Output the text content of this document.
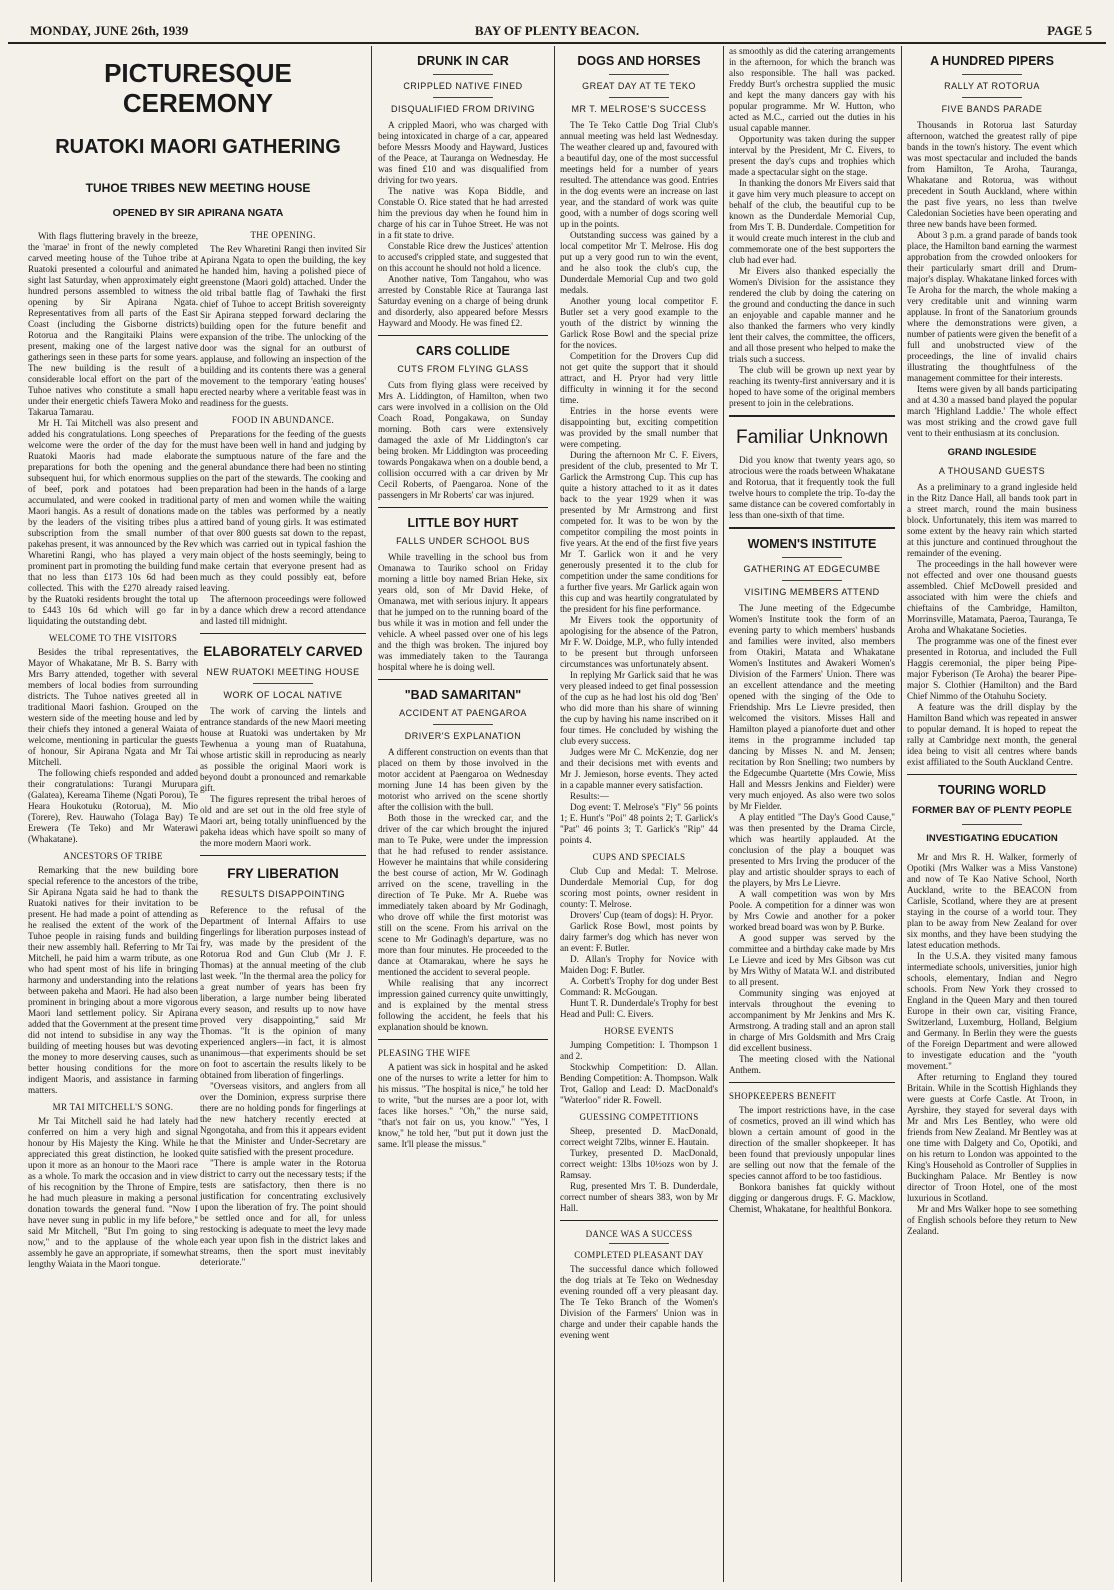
MONDAY, JUNE 26th, 1939	BAY OF PLENTY BEACON.	PAGE 5
PICTURESQUE CEREMONY
RUATOKI MAORI GATHERING
TUHOE TRIBES NEW MEETING HOUSE
OPENED BY SIR APIRANA NGATA

With flags fluttering bravely in the breeze, the 'marae' in front of the newly completed carved meeting house of the Tuhoe tribe at Ruatoki presented a colourful and animated sight last Saturday, when approximately eight hundred persons assembled to witness the opening by Sir Apirana Ngata. Representatives from all parts of the East Coast (including the Gisborne districts) Rotorua and the Rangitaiki Plains were present, making one of the largest native gatherings seen in these parts for some years. The new building is the result of a considerable local effort on the part of the Tuhoe natives who constitute a small hapu under their energetic chiefs Tawera Moko and Takarua Tamarau.

Mr H. Tai Mitchell was also present and added his congratulations. Long speeches of welcome were the order of the day for the Ruatoki Maoris had made elaborate preparations for both the opening and the subsequent hui, for which enormous supplies of beef, pork and potatoes had been accumulated, and were cooked in traditional Maori hangis. As a result of donations made by the leaders of the visiting tribes plus a subscription from the small number of pakehas present, it was announced by the Rev Wharetini Rangi, who has played a very prominent part in promoting the building fund that no less than £173 10s 6d had been collected. This with the £270 already raised by the Ruatoki residents brought the total up to £443 10s 6d which will go far in liquidating the outstanding debt.

WELCOME TO THE VISITORS

Besides the tribal representatives, the Mayor of Whakatane, Mr B. S. Barry with Mrs Barry attended, together with several members of local bodies from surrounding districts. The Tuhoe natives greeted all in traditional Maori fashion. Grouped on the western side of the meeting house and led by their chiefs they intoned a general Waiata of welcome, mentioning in particular the guests of honour, Sir Apirana Ngata and Mr Tai Mitchell.

The following chiefs responded and added their congratulations: Turangi Murupara (Galatea), Kereama Tiheme (Ngati Porou), Te Heara Houkotuku (Rotorua), M. Mio (Torere), Rev. Hauwaho (Tolaga Bay) Te Erewera (Te Teko) and Mr Waterawi (Whakatane).

ANCESTORS OF TRIBE

Remarking that the new building bore special reference to the ancestors of the tribe, Sir Apirana Ngata said he had to thank the Ruatoki natives for their invitation to be present. He had made a point of attending as he realised the extent of the work of the Tuhoe people in raising funds and building their new assembly hall. Referring to Mr Tai Mitchell, he paid him a warm tribute, as one who had spent most of his life in bringing harmony and understanding into the relations between pakeha and Maori. He had also been prominent in bringing about a more vigorous Maori land settlement policy. Sir Apirana added that the Government at the present time did not intend to subsidise in any way the building of meeting houses but was devoting the money to more deserving causes, such as better housing conditions for the more indigent Maoris, and assistance in farming matters.

MR TAI MITCHELL'S SONG.

Mr Tai Mitchell said he had lately had conferred on him a very high and signal honour by His Majesty the King. While he appreciated this great distinction, he looked upon it more as an honour to the Maori race as a whole. To mark the occasion and in view of his recognition by the Throne of Empire, he had much pleasure in making a personal donation towards the general fund. "Now I have never sung in public in my life before," said Mr Mitchell, "But I'm going to sing now," and to the applause of the whole assembly he gave an appropriate, if somewhat lengthy Waiata in the Maori tongue.

THE OPENING.

The Rev Wharetini Rangi then invited Sir Apirana Ngata to open the building, the key he handed him, having a polished piece of greenstone (Maori gold) attached. Under the old tribal battle flag of Tawhaki the first chief of Tuhoe to accept British sovereignty Sir Apirana stepped forward declaring the building open for the future benefit and expansion of the tribe. The unlocking of the door was the signal for an outburst of applause, and following an inspection of the building and its contents there was a general movement to the temporary 'eating houses' erected nearby where a veritable feast was in readiness for the guests.

FOOD IN ABUNDANCE.

Preparations for the feeding of the guests must have been well in hand and judging by the sumptuous nature of the fare and the general abundance there had been no stinting on the part of the stewards. The cooking and preparation had been in the hands of a large party of men and women while the waiting on the tables was performed by a neatly attired band of young girls. It was estimated that over 800 guests sat down to the repast, which was carried out in typical fashion the main object of the hosts seemingly, being to make certain that everyone present had as much as they could possibly eat, before leaving.

The afternoon proceedings were followed by a dance which drew a record attendance and lasted till midnight.

ELABORATELY CARVED
NEW RUATOKI MEETING HOUSE
WORK OF LOCAL NATIVE

The work of carving the lintels and entrance standards of the new Maori meeting house at Ruatoki was undertaken by Mr Tewhenua a young man of Ruatahuna, whose artistic skill in reproducing as nearly as possible the original Maori work is beyond doubt a pronounced and remarkable gift.

The figures represent the tribal heroes of old and are set out in the old free style of Maori art, being totally uninfluenced by the pakeha ideas which have spoilt so many of the more modern Maori work.

FRY LIBERATION
RESULTS DISAPPOINTING

Reference to the refusal of the Department of Internal Affairs to use fingerlings for liberation purposes instead of fry, was made by the president of the Rotorua Rod and Gun Club (Mr J. F. Thomas) at the annual meeting of the club last week. "In the thermal area the policy for a great number of years has been fry liberation, a large number being liberated every season, and results up to now have proved very disappointing," said Mr Thomas. "It is the opinion of many experienced anglers—in fact, it is almost unanimous—that experiments should be set on foot to ascertain the results likely to be obtained from liberation of fingerlings.

"Overseas visitors, and anglers from all over the Dominion, express surprise there there are no holding ponds for fingerlings at the new hatchery recently erected at Ngongotaha, and from this it appears evident that the Minister and Under-Secretary are quite satisfied with the present procedure.

"There is ample water in the Rotorua district to carry out the necessary tests; if the tests are satisfactory, then there is no justification for concentrating exclusively upon the liberation of fry. The point should be settled once and for all, for unless restocking is adequate to meet the levy made each year upon fish in the district lakes and streams, then the sport must inevitably deteriorate."

DRUNK IN CAR
CRIPPLED NATIVE FINED
DISQUALIFIED FROM DRIVING

A crippled Maori, who was charged with being intoxicated in charge of a car, appeared before Messrs Moody and Hayward, Justices of the Peace, at Tauranga on Wednesday. He was fined £10 and was disqualified from driving for two years.

The native was Kopa Biddle, and Constable O. Rice stated that he had arrested him the previous day when he found him in charge of his car in Tuhoe Street. He was not in a fit state to drive.

Constable Rice drew the Justices' attention to accused's crippled state, and suggested that on this account he should not hold a licence.

Another native, Tom Tangahou, who was arrested by Constable Rice at Tauranga last Saturday evening on a charge of being drunk and disorderly, also appeared before Messrs Hayward and Moody. He was fined £2.

CARS COLLIDE
CUTS FROM FLYING GLASS

Cuts from flying glass were received by Mrs A. Liddington, of Hamilton, when two cars were involved in a collision on the Old Coach Road, Pongakawa, on Sunday morning. Both cars were extensively damaged the axle of Mr Liddington's car being broken. Mr Liddington was proceeding towards Pongakawa when on a double bend, a collision occurred with a car driven by Mr Cecil Roberts, of Paengaroa. None of the passengers in Mr Roberts' car was injured.

LITTLE BOY HURT
FALLS UNDER SCHOOL BUS

While travelling in the school bus from Omanawa to Tauriko school on Friday morning a little boy named Brian Heke, six years old, son of Mr David Heke, of Omanawa, met with serious injury. It appears that he jumped on to the running board of the bus while it was in motion and fell under the vehicle. A wheel passed over one of his legs and the thigh was broken. The injured boy was immediately taken to the Tauranga hospital where he is doing well.

"BAD SAMARITAN"
ACCIDENT AT PAENGAROA
DRIVER'S EXPLANATION

A different construction on events than that placed on them by those involved in the motor accident at Paengaroa on Wednesday morning June 14 has been given by the motorist who arrived on the scene shortly after the collision with the bull.

Both those in the wrecked car, and the driver of the car which brought the injured man to Te Puke, were under the impression that he had refused to render assistance. However he maintains that while considering the best course of action, Mr W. Godinagh arrived on the scene, travelling in the direction of Te Puke. Mr A. Ruebe was immediately taken aboard by Mr Godinagh, who drove off while the first motorist was still on the scene. From his arrival on the scene to Mr Godinagh's departure, was no more than four minutes. He proceeded to the dance at Otamarakau, where he says he mentioned the accident to several people.

While realising that any incorrect impression gained currency quite unwittingly, and is explained by the mental stress following the accident, he feels that his explanation should be known.

PLEASING THE WIFE

A patient was sick in hospital and he asked one of the nurses to write a letter for him to his missus. "The hospital is nice," he told her to write, "but the nurses are a poor lot, with faces like horses." "Oh," the nurse said, "that's not fair on us, you know." "Yes, I know," he told her, "but put it down just the same. It'll please the missus."

DOGS AND HORSES
GREAT DAY AT TE TEKO
MR T. MELROSE'S SUCCESS

The Te Teko Cattle Dog Trial Club's annual meeting was held last Wednesday. The weather cleared up and, favoured with a beautiful day, one of the most successful meetings held for a number of years resulted. The attendance was good. Entries in the dog events were an increase on last year, and the standard of work was quite good, with a number of dogs scoring well up in the points.

Outstanding success was gained by a local competitor Mr T. Melrose. His dog put up a very good run to win the event, and he also took the club's cup, the Dunderdale Memorial Cup and two gold medals.

Another young local competitor F. Butler set a very good example to the youth of the district by winning the Garlick Rose Bowl and the special prize for the novices.

Competition for the Drovers Cup did not get quite the support that it should attract, and H. Pryor had very little difficulty in winning it for the second time.

Entries in the horse events were disappointing but, exciting competition was provided by the small number that were competing.

During the afternoon Mr C. F. Eivers, president of the club, presented to Mr T. Garlick the Armstrong Cup. This cup has quite a history attached to it as it dates back to the year 1929 when it was presented by Mr Armstrong and first competed for. It was to be won by the competitor compiling the most points in five years. At the end of the first five years Mr T. Garlick won it and he very generously presented it to the club for competition under the same conditions for a further five years. Mr Garlick again won this cup and was heartily congratulated by the president for his fine performance.

Mr Eivers took the opportunity of apologising for the absence of the Patron, Mr F. W. Doidge, M.P., who fully intended to be present but through unforseen circumstances was unfortunately absent.

In replying Mr Garlick said that he was very pleased indeed to get final possession of the cup as he had lost his old dog 'Ben' who did more than his share of winning the cup by having his name inscribed on it four times. He concluded by wishing the club every success.

Judges were Mr C. McKenzie, dog ner and their decisions met with events and Mr J. Jemieson, horse events. They acted in a capable manner every satisfaction.

Results:—

Dog event: T. Melrose's "Fly" 56 points 1; E. Hunt's "Poi" 48 points 2; T. Garlick's "Pat" 46 points 3; T. Garlick's "Rip" 44 points 4.

CUPS AND SPECIALS

Club Cup and Medal: T. Melrose. Dunderdale Memorial Cup, for dog scoring most points, owner resident in county: T. Melrose.

Drovers' Cup (team of dogs): H. Pryor.

Garlick Rose Bowl, most points by dairy farmer's dog which has never won an event: F. Butler.

D. Allan's Trophy for Novice with Maiden Dog: F. Butler.

A. Corbett's Trophy for dog under Best Command: R. McGougan.

Hunt T. R. Dunderdale's Trophy for best Head and Pull: C. Eivers.

HORSE EVENTS

Jumping Competition: I. Thompson 1 and 2.

Stockwhip Competition: D. Allan. Bending Competition: A. Thompson. Walk Trot, Gallop and Lead: D. MacDonald's "Waterloo" rider R. Fowell.

GUESSING COMPETITIONS

Sheep, presented D. MacDonald, correct weight 72lbs, winner E. Hautain.

Turkey, presented D. MacDonald, correct weight: 13lbs 10½ozs won by J. Ramsay.

Rug, presented Mrs T. B. Dunderdale, correct number of shears 383, won by Mr Hall.

DANCE WAS A SUCCESS
COMPLETED PLEASANT DAY

The successful dance which followed the dog trials at Te Teko on Wednesday evening rounded off a very pleasant day. The Te Teko Branch of the Women's Division of the Farmers' Union was in charge and under their capable hands the evening went

as smoothly as did the catering arrangements in the afternoon, for which the branch was also responsible. The hall was packed. Freddy Burt's orchestra supplied the music and kept the many dancers gay with his popular programme. Mr W. Hutton, who acted as M.C., carried out the duties in his usual capable manner.

Opportunity was taken during the supper interval by the President, Mr C. Eivers, to present the day's cups and trophies which made a spectacular sight on the stage.

In thanking the donors Mr Eivers said that it gave him very much pleasure to accept on behalf of the club, the beautiful cup to be known as the Dunderdale Memorial Cup, from Mrs T. B. Dunderdale. Competition for it would create much interest in the club and commemorate one of the best supporters the club had ever had.

Mr Eivers also thanked especially the Women's Division for the assistance they rendered the club by doing the catering on the ground and conducting the dance in such an enjoyable and capable manner and he also thanked the farmers who very kindly lent their calves, the committee, the officers, and all those present who helped to make the trials such a success.

The club will be grown up next year by reaching its twenty-first anniversary and it is hoped to have some of the original members present to join in the celebrations.

Familiar Unknown

Did you know that twenty years ago, so atrocious were the roads between Whakatane and Rotorua, that it frequently took the full twelve hours to complete the trip. To-day the same distance can be covered comfortably in less than one-sixth of that time.

WOMEN'S INSTITUTE
GATHERING AT EDGECUMBE
VISITING MEMBERS ATTEND

The June meeting of the Edgecumbe Women's Institute took the form of an evening party to which members' husbands and families were invited, also members from Otakiri, Matata and Whakatane Women's Institutes and Awakeri Women's Division of the Farmers' Union. There was an excellent attendance and the meeting opened with the singing of the Ode to Friendship. Mrs Le Lievre presided, then welcomed the visitors. Misses Hall and Hamilton played a pianoforte duet and other items in the programme included tap dancing by Misses N. and M. Jensen; recitation by Ron Snelling; two numbers by the Edgecumbe Quartette (Mrs Cowie, Miss Hall and Messrs Jenkins and Fielder) were very much enjoyed. As also were two solos by Mr Fielder.

A play entitled "The Day's Good Cause," was then presented by the Drama Circle, which was heartily applauded. At the conclusion of the play a bouquet was presented to Mrs Irving the producer of the play and artistic shoulder sprays to each of the players, by Mrs Le Lievre.

A wall competition was won by Mrs Poole. A competition for a dinner was won by Mrs Cowie and another for a poker worked bread board was won by P. Burke.

A good supper was served by the committee and a birthday cake made by Mrs Le Lievre and iced by Mrs Gibson was cut by Mrs Withy of Matata W.I. and distributed to all present.

Community singing was enjoyed at intervals throughout the evening to accompaniment by Mr Jenkins and Mrs K. Armstrong. A trading stall and an apron stall in charge of Mrs Goldsmith and Mrs Craig did excellent business.

The meeting closed with the National Anthem.

SHOPKEEPERS BENEFIT

The import restrictions have, in the case of cosmetics, proved an ill wind which has blown a certain amount of good in the direction of the smaller shopkeeper. It has been found that previously unpopular lines are selling out now that the female of the species cannot afford to be too fastidious.

Bonkora banishes fat quickly without digging or dangerous drugs. F. G. Macklow, Chemist, Whakatane, for healthful Bonkora.

A HUNDRED PIPERS
RALLY AT ROTORUA
FIVE BANDS PARADE

Thousands in Rotorua last Saturday afternoon, watched the greatest rally of pipe bands in the town's history. The event which was most spectacular and included the bands from Hamilton, Te Aroha, Tauranga, Whakatane and Rotorua, was without precedent in South Auckland, where within the past five years, no less than twelve Caledonian Societies have been operating and three new bands have been formed.

About 3 p.m. a grand parade of bands took place, the Hamilton band earning the warmest approbation from the crowded onlookers for their particularly smart drill and Drum-major's display. Whakatane linked forces with Te Aroha for the march, the whole making a very creditable unit and winning warm applause. In front of the Sanatorium grounds where the demonstrations were given, a number of patients were given the benefit of a full and unobstructed view of the proceedings, the line of invalid chairs illustrating the thoughtfulness of the management committee for their interests.

Items were given by all bands participating and at 4.30 a massed band played the popular march 'Highland Laddie.' The whole effect was most striking and the crowd gave full vent to their enthusiasm at its conclusion.

GRAND INGLESIDE
A THOUSAND GUESTS

As a preliminary to a grand ingleside held in the Ritz Dance Hall, all bands took part in a street march, round the main business block. Unfortunately, this item was marred to some extent by the heavy rain which started at this juncture and continued throughout the remainder of the evening.

The proceedings in the hall however were not effected and over one thousand guests assembled. Chief McDowell presided and associated with him were the chiefs and chieftains of the Cambridge, Hamilton, Morrinsville, Matamata, Paeroa, Tauranga, Te Aroha and Whakatane Societies.

The programme was one of the finest ever presented in Rotorua, and included the Full Haggis ceremonial, the piper being Pipe-major Fyberison (Te Aroha) the bearer Pipe-major S. Clothier (Hamilton) and the Bard Chief Nimmo of the Otahuhu Society.

A feature was the drill display by the Hamilton Band which was repeated in answer to popular demand. It is hoped to repeat the rally at Cambridge next month, the general idea being to visit all centres where bands exist affiliated to the South Auckland Centre.

TOURING WORLD
FORMER BAY OF PLENTY PEOPLE
INVESTIGATING EDUCATION

Mr and Mrs R. H. Walker, formerly of Opotiki (Mrs Walker was a Miss Vanstone) and now of Te Kao Native School, North Auckland, write to the BEACON from Carlisle, Scotland, where they are at present staying in the course of a world tour. They plan to be away from New Zealand for over six months, and they have been studying the latest education methods.

In the U.S.A. they visited many famous intermediate schools, universities, junior high schools, elementary, Indian and Negro schools. From New York they crossed to England in the Queen Mary and then toured Europe in their own car, visiting France, Switzerland, Luxemburg, Holland, Belgium and Germany. In Berlin they were the guests of the Foreign Department and were allowed to investigate education and the "youth movement."

After returning to England they toured Britain. While in the Scottish Highlands they were guests at Corfe Castle. At Troon, in Ayrshire, they stayed for several days with Mr and Mrs Les Bentley, who were old friends from New Zealand. Mr Bentley was at one time with Dalgety and Co, Opotiki, and on his return to London was appointed to the King's Household as Controller of Supplies in Buckingham Palace. Mr Bentley is now director of Troon Hotel, one of the most luxurious in Scotland.

Mr and Mrs Walker hope to see something of English schools before they return to New Zealand.
